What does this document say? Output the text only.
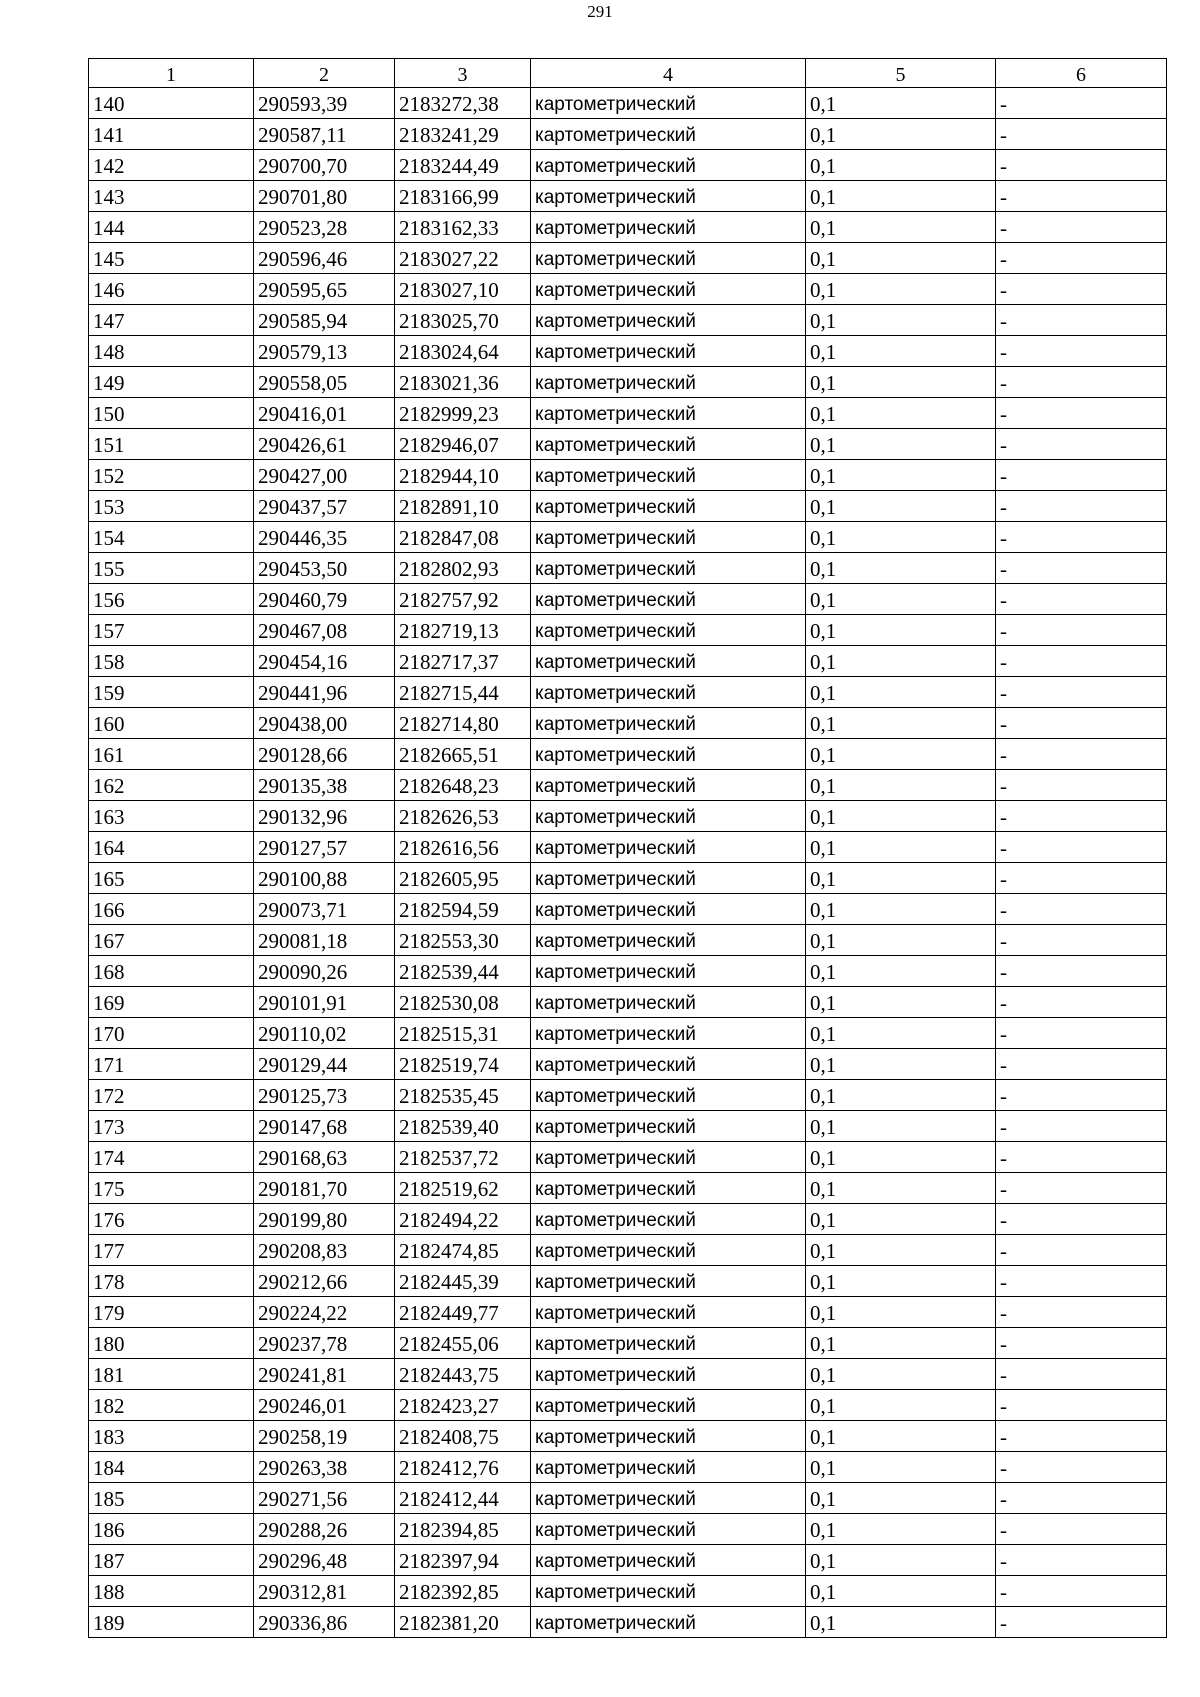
291
1	2	3	4	5	6
140	290593,39	2183272,38	картометрический	0,1	-
141	290587,11	2183241,29	картометрический	0,1	-
142	290700,70	2183244,49	картометрический	0,1	-
143	290701,80	2183166,99	картометрический	0,1	-
144	290523,28	2183162,33	картометрический	0,1	-
145	290596,46	2183027,22	картометрический	0,1	-
146	290595,65	2183027,10	картометрический	0,1	-
147	290585,94	2183025,70	картометрический	0,1	-
148	290579,13	2183024,64	картометрический	0,1	-
149	290558,05	2183021,36	картометрический	0,1	-
150	290416,01	2182999,23	картометрический	0,1	-
151	290426,61	2182946,07	картометрический	0,1	-
152	290427,00	2182944,10	картометрический	0,1	-
153	290437,57	2182891,10	картометрический	0,1	-
154	290446,35	2182847,08	картометрический	0,1	-
155	290453,50	2182802,93	картометрический	0,1	-
156	290460,79	2182757,92	картометрический	0,1	-
157	290467,08	2182719,13	картометрический	0,1	-
158	290454,16	2182717,37	картометрический	0,1	-
159	290441,96	2182715,44	картометрический	0,1	-
160	290438,00	2182714,80	картометрический	0,1	-
161	290128,66	2182665,51	картометрический	0,1	-
162	290135,38	2182648,23	картометрический	0,1	-
163	290132,96	2182626,53	картометрический	0,1	-
164	290127,57	2182616,56	картометрический	0,1	-
165	290100,88	2182605,95	картометрический	0,1	-
166	290073,71	2182594,59	картометрический	0,1	-
167	290081,18	2182553,30	картометрический	0,1	-
168	290090,26	2182539,44	картометрический	0,1	-
169	290101,91	2182530,08	картометрический	0,1	-
170	290110,02	2182515,31	картометрический	0,1	-
171	290129,44	2182519,74	картометрический	0,1	-
172	290125,73	2182535,45	картометрический	0,1	-
173	290147,68	2182539,40	картометрический	0,1	-
174	290168,63	2182537,72	картометрический	0,1	-
175	290181,70	2182519,62	картометрический	0,1	-
176	290199,80	2182494,22	картометрический	0,1	-
177	290208,83	2182474,85	картометрический	0,1	-
178	290212,66	2182445,39	картометрический	0,1	-
179	290224,22	2182449,77	картометрический	0,1	-
180	290237,78	2182455,06	картометрический	0,1	-
181	290241,81	2182443,75	картометрический	0,1	-
182	290246,01	2182423,27	картометрический	0,1	-
183	290258,19	2182408,75	картометрический	0,1	-
184	290263,38	2182412,76	картометрический	0,1	-
185	290271,56	2182412,44	картометрический	0,1	-
186	290288,26	2182394,85	картометрический	0,1	-
187	290296,48	2182397,94	картометрический	0,1	-
188	290312,81	2182392,85	картометрический	0,1	-
189	290336,86	2182381,20	картометрический	0,1	-
